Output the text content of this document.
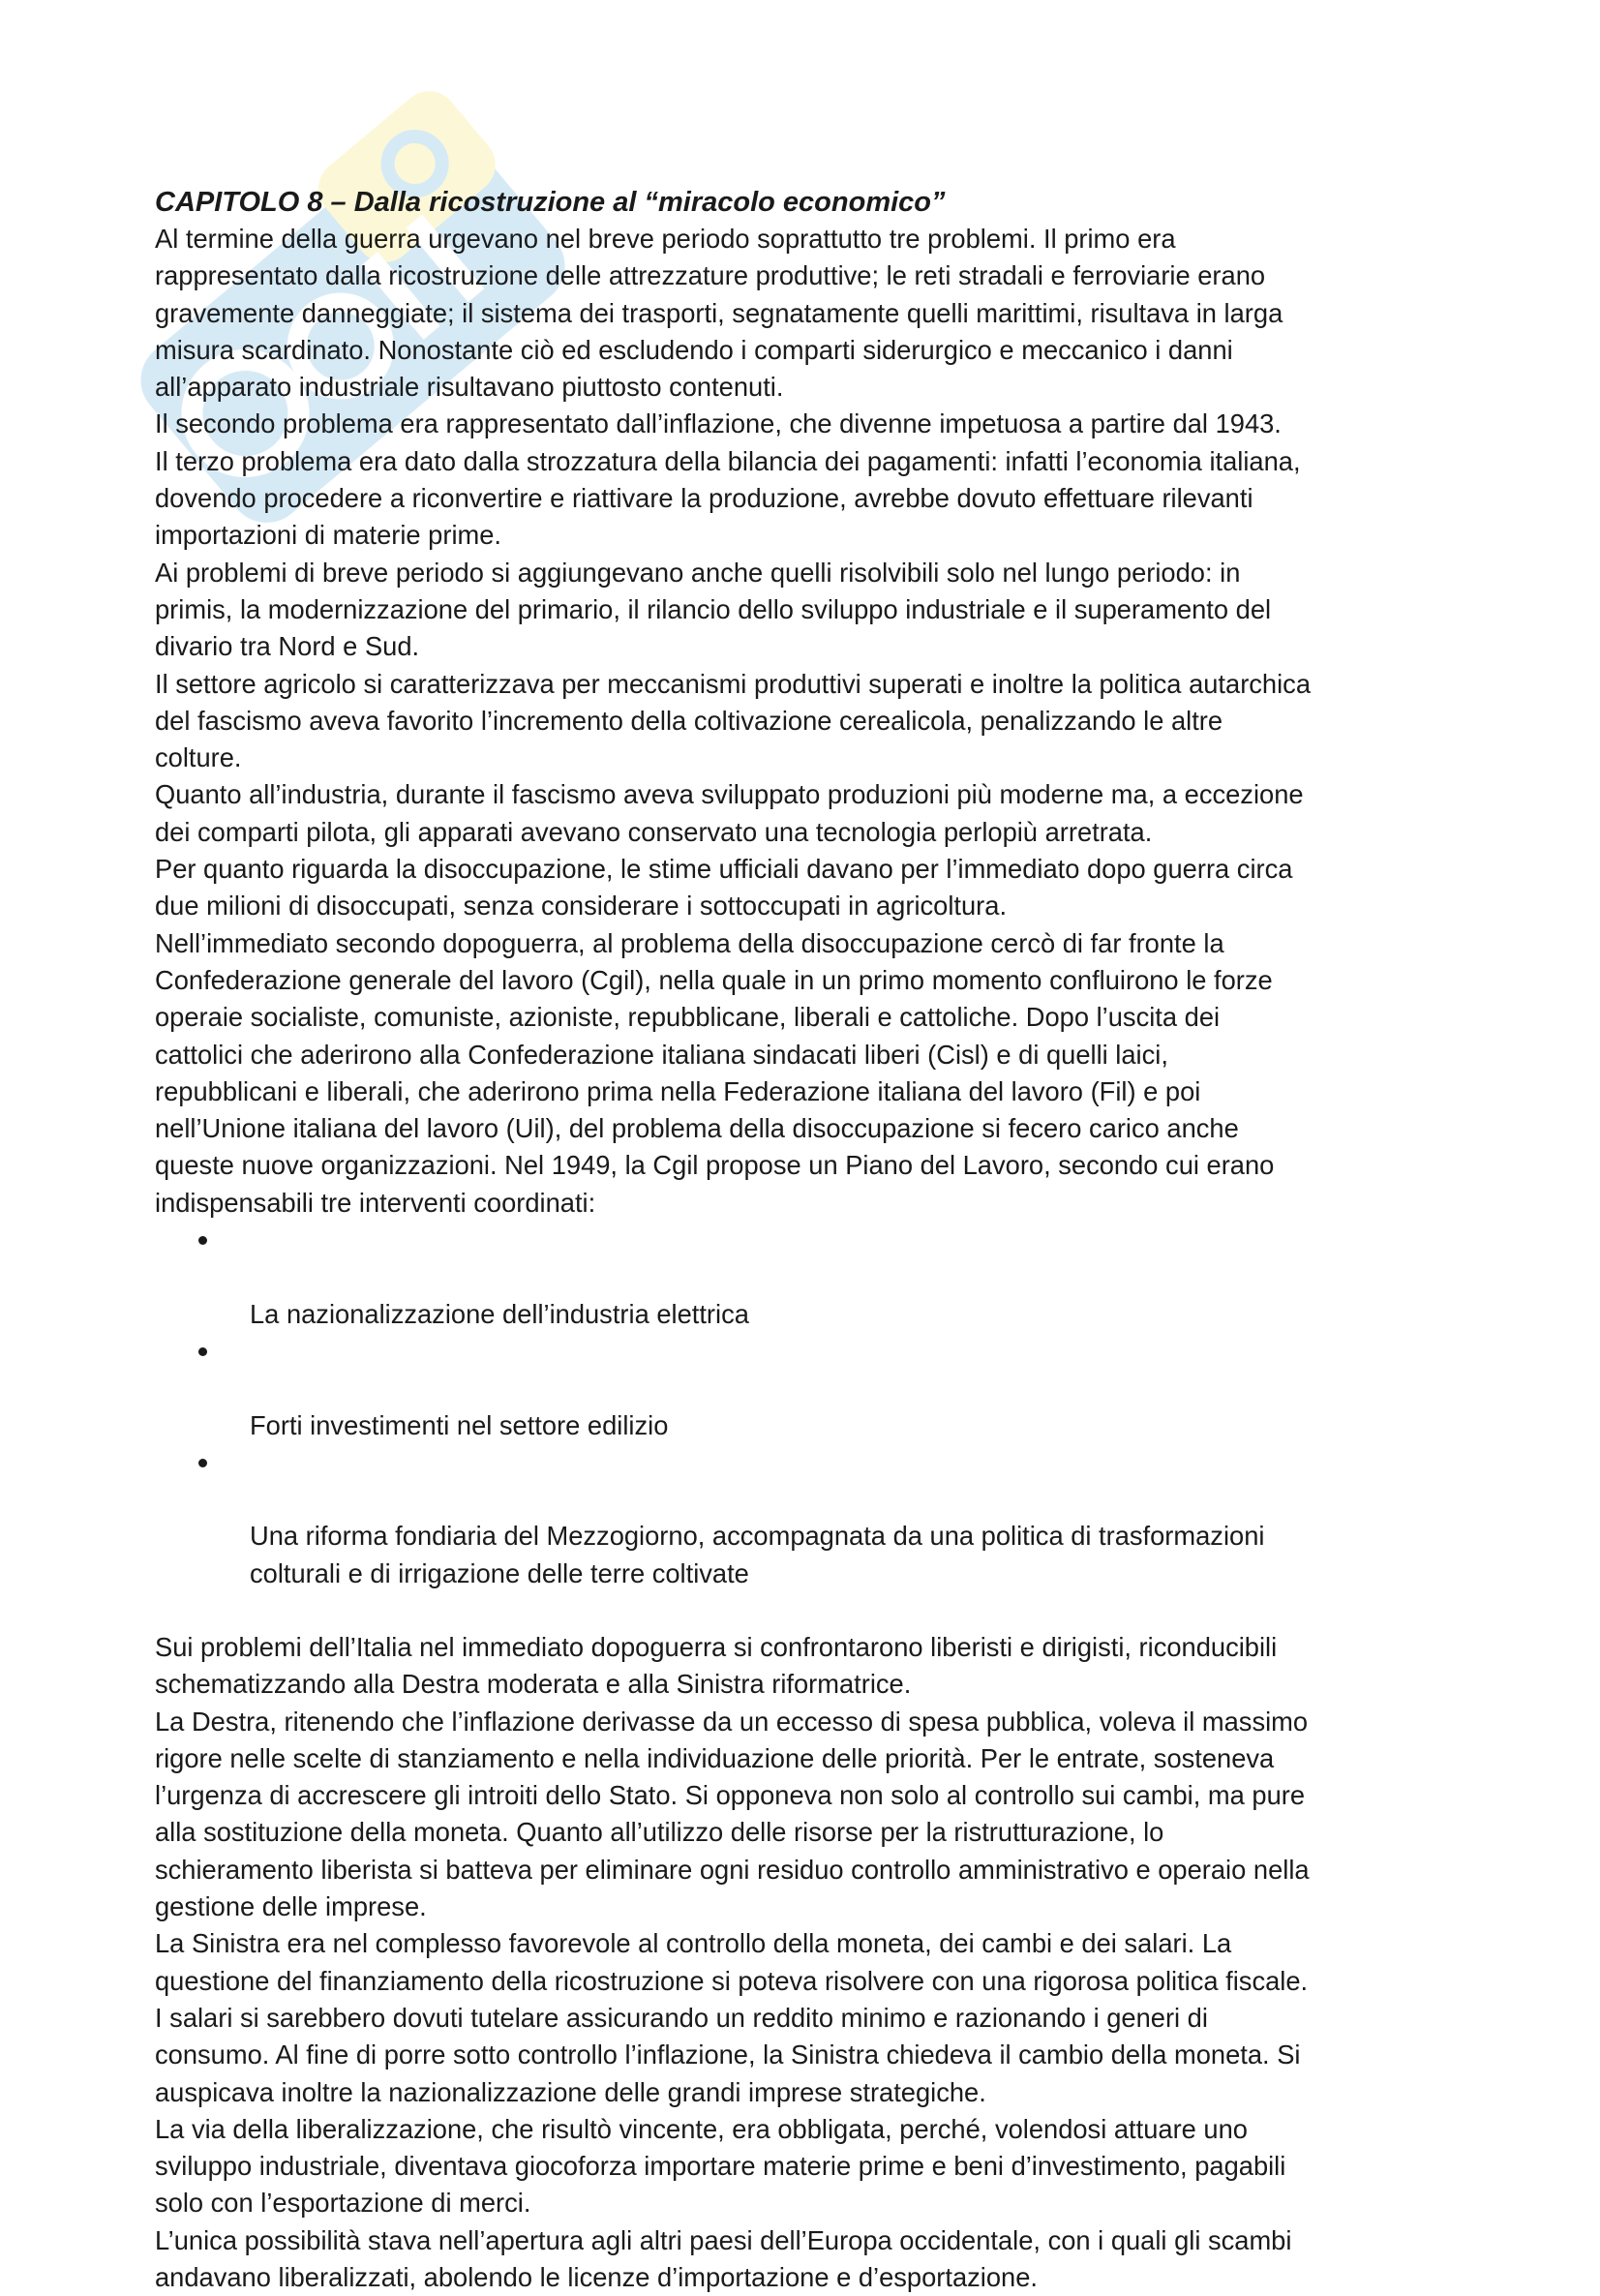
CAPITOLO 8 – Dalla ricostruzione al “miracolo economico”

Al termine della guerra urgevano nel breve periodo soprattutto tre problemi. Il primo era
rappresentato dalla ricostruzione delle attrezzature produttive; le reti stradali e ferroviarie erano
gravemente danneggiate; il sistema dei trasporti, segnatamente quelli marittimi, risultava in larga
misura scardinato. Nonostante ciò ed escludendo i comparti siderurgico e meccanico i danni
all’apparato industriale risultavano piuttosto contenuti.

Il secondo problema era rappresentato dall’inflazione, che divenne impetuosa a partire dal 1943.

Il terzo problema era dato dalla strozzatura della bilancia dei pagamenti: infatti l’economia italiana,
dovendo procedere a riconvertire e riattivare la produzione, avrebbe dovuto effettuare rilevanti
importazioni di materie prime.

Ai problemi di breve periodo si aggiungevano anche quelli risolvibili solo nel lungo periodo: in
primis, la modernizzazione del primario, il rilancio dello sviluppo industriale e il superamento del
divario tra Nord e Sud.

Il settore agricolo si caratterizzava per meccanismi produttivi superati e inoltre la politica autarchica
del fascismo aveva favorito l’incremento della coltivazione cerealicola, penalizzando le altre
colture.

Quanto all’industria, durante il fascismo aveva sviluppato produzioni più moderne ma, a eccezione
dei comparti pilota, gli apparati avevano conservato una tecnologia perlopiù arretrata.

Per quanto riguarda la disoccupazione, le stime ufficiali davano per l’immediato dopo guerra circa
due milioni di disoccupati, senza considerare i sottoccupati in agricoltura.

Nell’immediato secondo dopoguerra, al problema della disoccupazione cercò di far fronte la
Confederazione generale del lavoro (Cgil), nella quale in un primo momento confluirono le forze
operaie socialiste, comuniste, azioniste, repubblicane, liberali e cattoliche. Dopo l’uscita dei
cattolici che aderirono alla Confederazione italiana sindacati liberi (Cisl) e di quelli laici,
repubblicani e liberali, che aderirono prima nella Federazione italiana del lavoro (Fil) e poi
nell’Unione italiana del lavoro (Uil), del problema della disoccupazione si fecero carico anche
queste nuove organizzazioni. Nel 1949, la Cgil propose un Piano del Lavoro, secondo cui erano
indispensabili tre interventi coordinati:

La nazionalizzazione dell’industria elettrica

Forti investimenti nel settore edilizio

Una riforma fondiaria del Mezzogiorno, accompagnata da una politica di trasformazioni
colturali e di irrigazione delle terre coltivate

Sui problemi dell’Italia nel immediato dopoguerra si confrontarono liberisti e dirigisti, riconducibili
schematizzando alla Destra moderata e alla Sinistra riformatrice.

La Destra, ritenendo che l’inflazione derivasse da un eccesso di spesa pubblica, voleva il massimo
rigore nelle scelte di stanziamento e nella individuazione delle priorità. Per le entrate, sosteneva
l’urgenza di accrescere gli introiti dello Stato. Si opponeva non solo al controllo sui cambi, ma pure
alla sostituzione della moneta. Quanto all’utilizzo delle risorse per la ristrutturazione, lo
schieramento liberista si batteva per eliminare ogni residuo controllo amministrativo e operaio nella
gestione delle imprese.

La Sinistra era nel complesso favorevole al controllo della moneta, dei cambi e dei salari. La
questione del finanziamento della ricostruzione si poteva risolvere con una rigorosa politica fiscale.
I salari si sarebbero dovuti tutelare assicurando un reddito minimo e razionando i generi di
consumo. Al fine di porre sotto controllo l’inflazione, la Sinistra chiedeva il cambio della moneta. Si
auspicava inoltre la nazionalizzazione delle grandi imprese strategiche.

La via della liberalizzazione, che risultò vincente, era obbligata, perché, volendosi attuare uno
sviluppo industriale, diventava giocoforza importare materie prime e beni d’investimento, pagabili
solo con l’esportazione di merci.

L’unica possibilità stava nell’apertura agli altri paesi dell’Europa occidentale, con i quali gli scambi
andavano liberalizzati, abolendo le licenze d’importazione e d’esportazione.
